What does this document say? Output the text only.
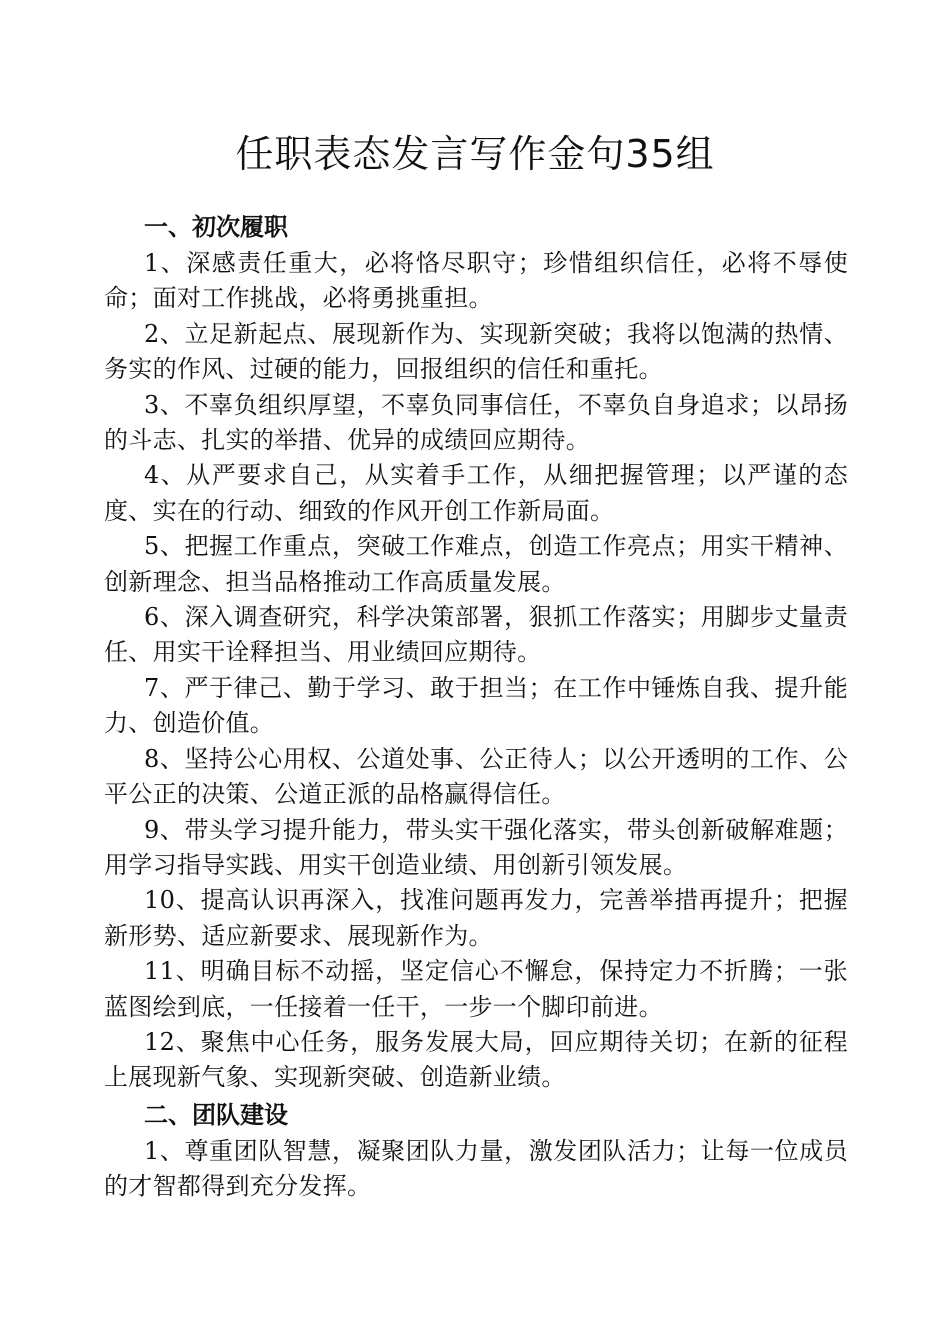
任职表态发言写作金句35组

一、初次履职

1、深感责任重大，必将恪尽职守；珍惜组织信任，必将不辱使命；面对工作挑战，必将勇挑重担。

2、立足新起点、展现新作为、实现新突破；我将以饱满的热情、务实的作风、过硬的能力，回报组织的信任和重托。

3、不辜负组织厚望，不辜负同事信任，不辜负自身追求；以昂扬的斗志、扎实的举措、优异的成绩回应期待。

4、从严要求自己，从实着手工作，从细把握管理；以严谨的态度、实在的行动、细致的作风开创工作新局面。

5、把握工作重点，突破工作难点，创造工作亮点；用实干精神、创新理念、担当品格推动工作高质量发展。

6、深入调查研究，科学决策部署，狠抓工作落实；用脚步丈量责任、用实干诠释担当、用业绩回应期待。

7、严于律己、勤于学习、敢于担当；在工作中锤炼自我、提升能力、创造价值。

8、坚持公心用权、公道处事、公正待人；以公开透明的工作、公平公正的决策、公道正派的品格赢得信任。

9、带头学习提升能力，带头实干强化落实，带头创新破解难题；用学习指导实践、用实干创造业绩、用创新引领发展。

10、提高认识再深入，找准问题再发力，完善举措再提升；把握新形势、适应新要求、展现新作为。

11、明确目标不动摇，坚定信心不懈怠，保持定力不折腾；一张蓝图绘到底，一任接着一任干，一步一个脚印前进。

12、聚焦中心任务，服务发展大局，回应期待关切；在新的征程上展现新气象、实现新突破、创造新业绩。

二、团队建设

1、尊重团队智慧，凝聚团队力量，激发团队活力；让每一位成员的才智都得到充分发挥。
